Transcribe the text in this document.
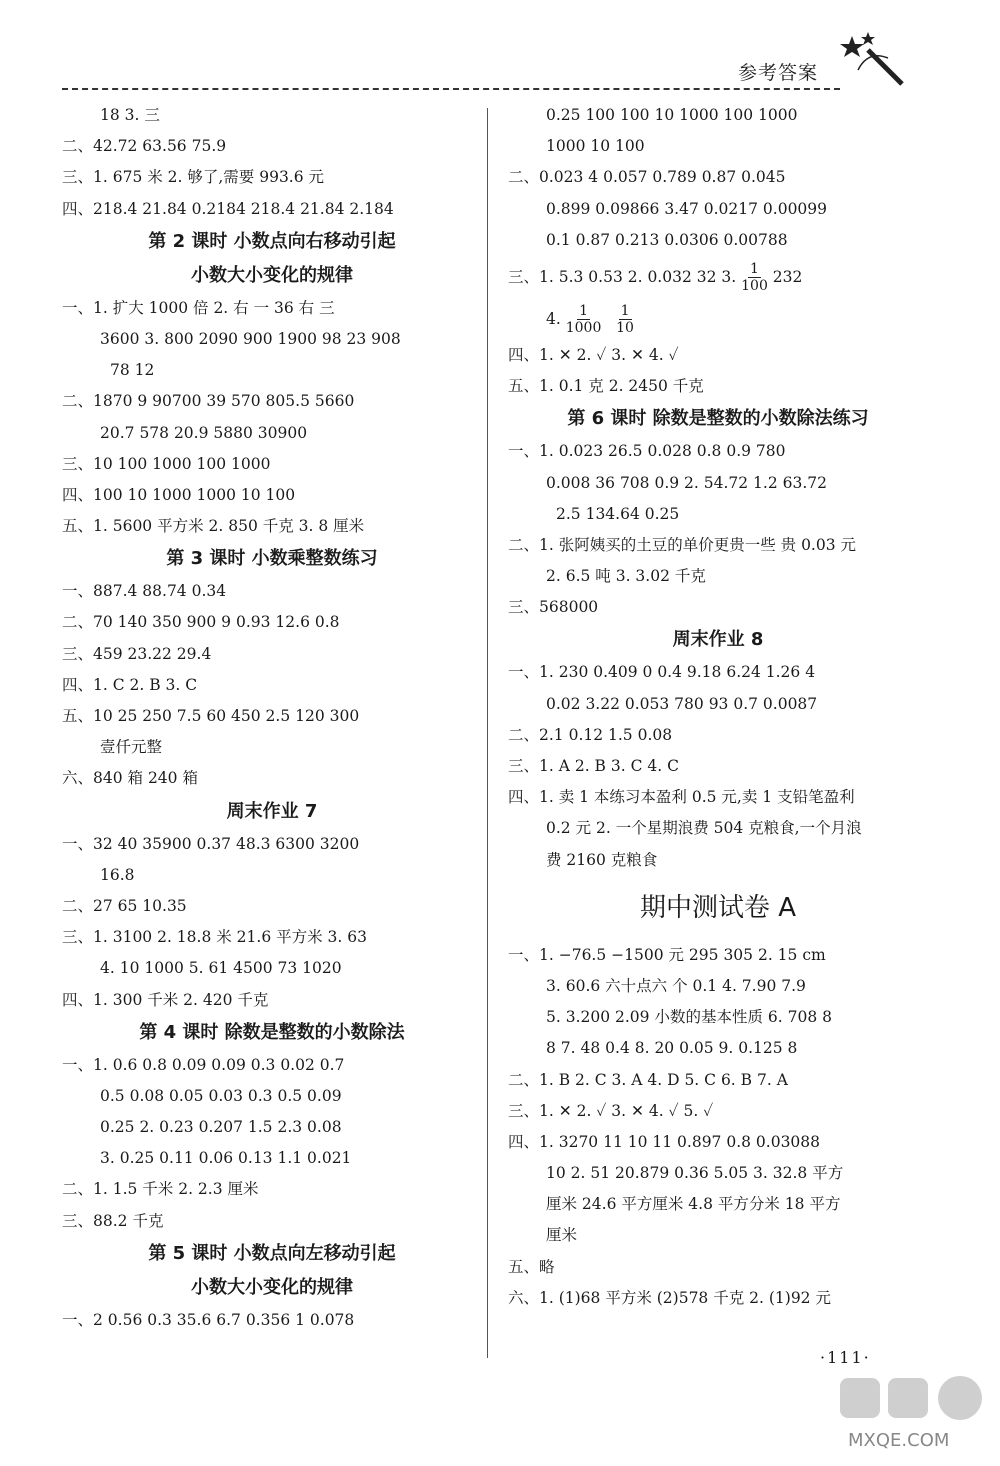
参考答案
18 3. 三
二、42.72 63.56 75.9
三、1. 675 米 2. 够了,需要 993.6 元
四、218.4 21.84 0.2184 218.4 21.84 2.184
第 2 课时 小数点向右移动引起
小数大小变化的规律
一、1. 扩大 1000 倍 2. 右 一 36 右 三
3600 3. 800 2090 900 1900 98 23 908
78 12
二、1870 9 90700 39 570 805.5 5660
20.7 578 20.9 5880 30900
三、10 100 1000 100 1000
四、100 10 1000 1000 10 100
五、1. 5600 平方米 2. 850 千克 3. 8 厘米
第 3 课时 小数乘整数练习
一、887.4 88.74 0.34
二、70 140 350 900 9 0.93 12.6 0.8
三、459 23.22 29.4
四、1. C 2. B 3. C
五、10 25 250 7.5 60 450 2.5 120 300
壹仟元整
六、840 箱 240 箱
周末作业 7
一、32 40 35900 0.37 48.3 6300 3200
16.8
二、27 65 10.35
三、1. 3100 2. 18.8 米 21.6 平方米 3. 63
4. 10 1000 5. 61 4500 73 1020
四、1. 300 千米 2. 420 千克
第 4 课时 除数是整数的小数除法
一、1. 0.6 0.8 0.09 0.09 0.3 0.02 0.7
0.5 0.08 0.05 0.03 0.3 0.5 0.09
0.25 2. 0.23 0.207 1.5 2.3 0.08
3. 0.25 0.11 0.06 0.13 1.1 0.021
二、1. 1.5 千米 2. 2.3 厘米
三、88.2 千克
第 5 课时 小数点向左移动引起
小数大小变化的规律
一、2 0.56 0.3 35.6 6.7 0.356 1 0.078
0.25 100 100 10 1000 100 1000
1000 10 100
二、0.023 4 0.057 0.789 0.87 0.045
0.899 0.09866 3.47 0.0217 0.00099
0.1 0.87 0.213 0.0306 0.00788
三、1. 5.3 0.53 2. 0.032 32 3. $\frac{1}{100} 232$
4. $\frac{1}{1000}$
$\frac{1}{10}$
四、1. ✕ 2. ✓ 3. ✕ 4. ✓
五、1. 0.1 克 2. 2450 千克
第 6 课时 除数是整数的小数除法练习
一、1. 0.023 26.5 0.028 0.8 0.9 780
0.008 36 708 0.9 2. 54.72 1.2 63.72
2.5 134.64 0.25
二、1. 张阿姨买的土豆的单价更贵一些 贵 0.03 元
2. 6.5 吨 3. 3.02 千克
三、568000
周末作业 8
一、1. 230 0.409 0 0.4 9.18 6.24 1.26 4
0.02 3.22 0.053 780 93 0.7 0.0087
二、2.1 0.12 1.5 0.08
三、1. A 2. B 3. C 4. C
四、1. 卖 1 本练习本盈利 0.5 元,卖 1 支铅笔盈利
0.2 元 2. 一个星期浪费 504 克粮食,一个月浪
费 2160 克粮食
期中测试卷 A
一、1. −76.5 −1500 元 295 305 2. 15 cm
3. 60.6 六十点六 个 0.1 4. 7.90 7.9
5. 3.200 2.09 小数的基本性质 6. 708 8
8 7. 48 0.4 8. 20 0.05 9. 0.125 8
二、1. B 2. C 3. A 4. D 5. C 6. B 7. A
三、1. ✕ 2. ✓ 3. ✕ 4. ✓ 5. ✓
四、1. 3270 11 10 11 0.897 0.8 0.03088
10 2. 51 20.879 0.36 5.05 3. 32.8 平方
厘米 24.6 平方厘米 4.8 平方分米 18 平方
厘米
五、略
六、1. (1)68 平方米 (2)578 千克 2. (1)92 元
·111·
MXQE.COM
